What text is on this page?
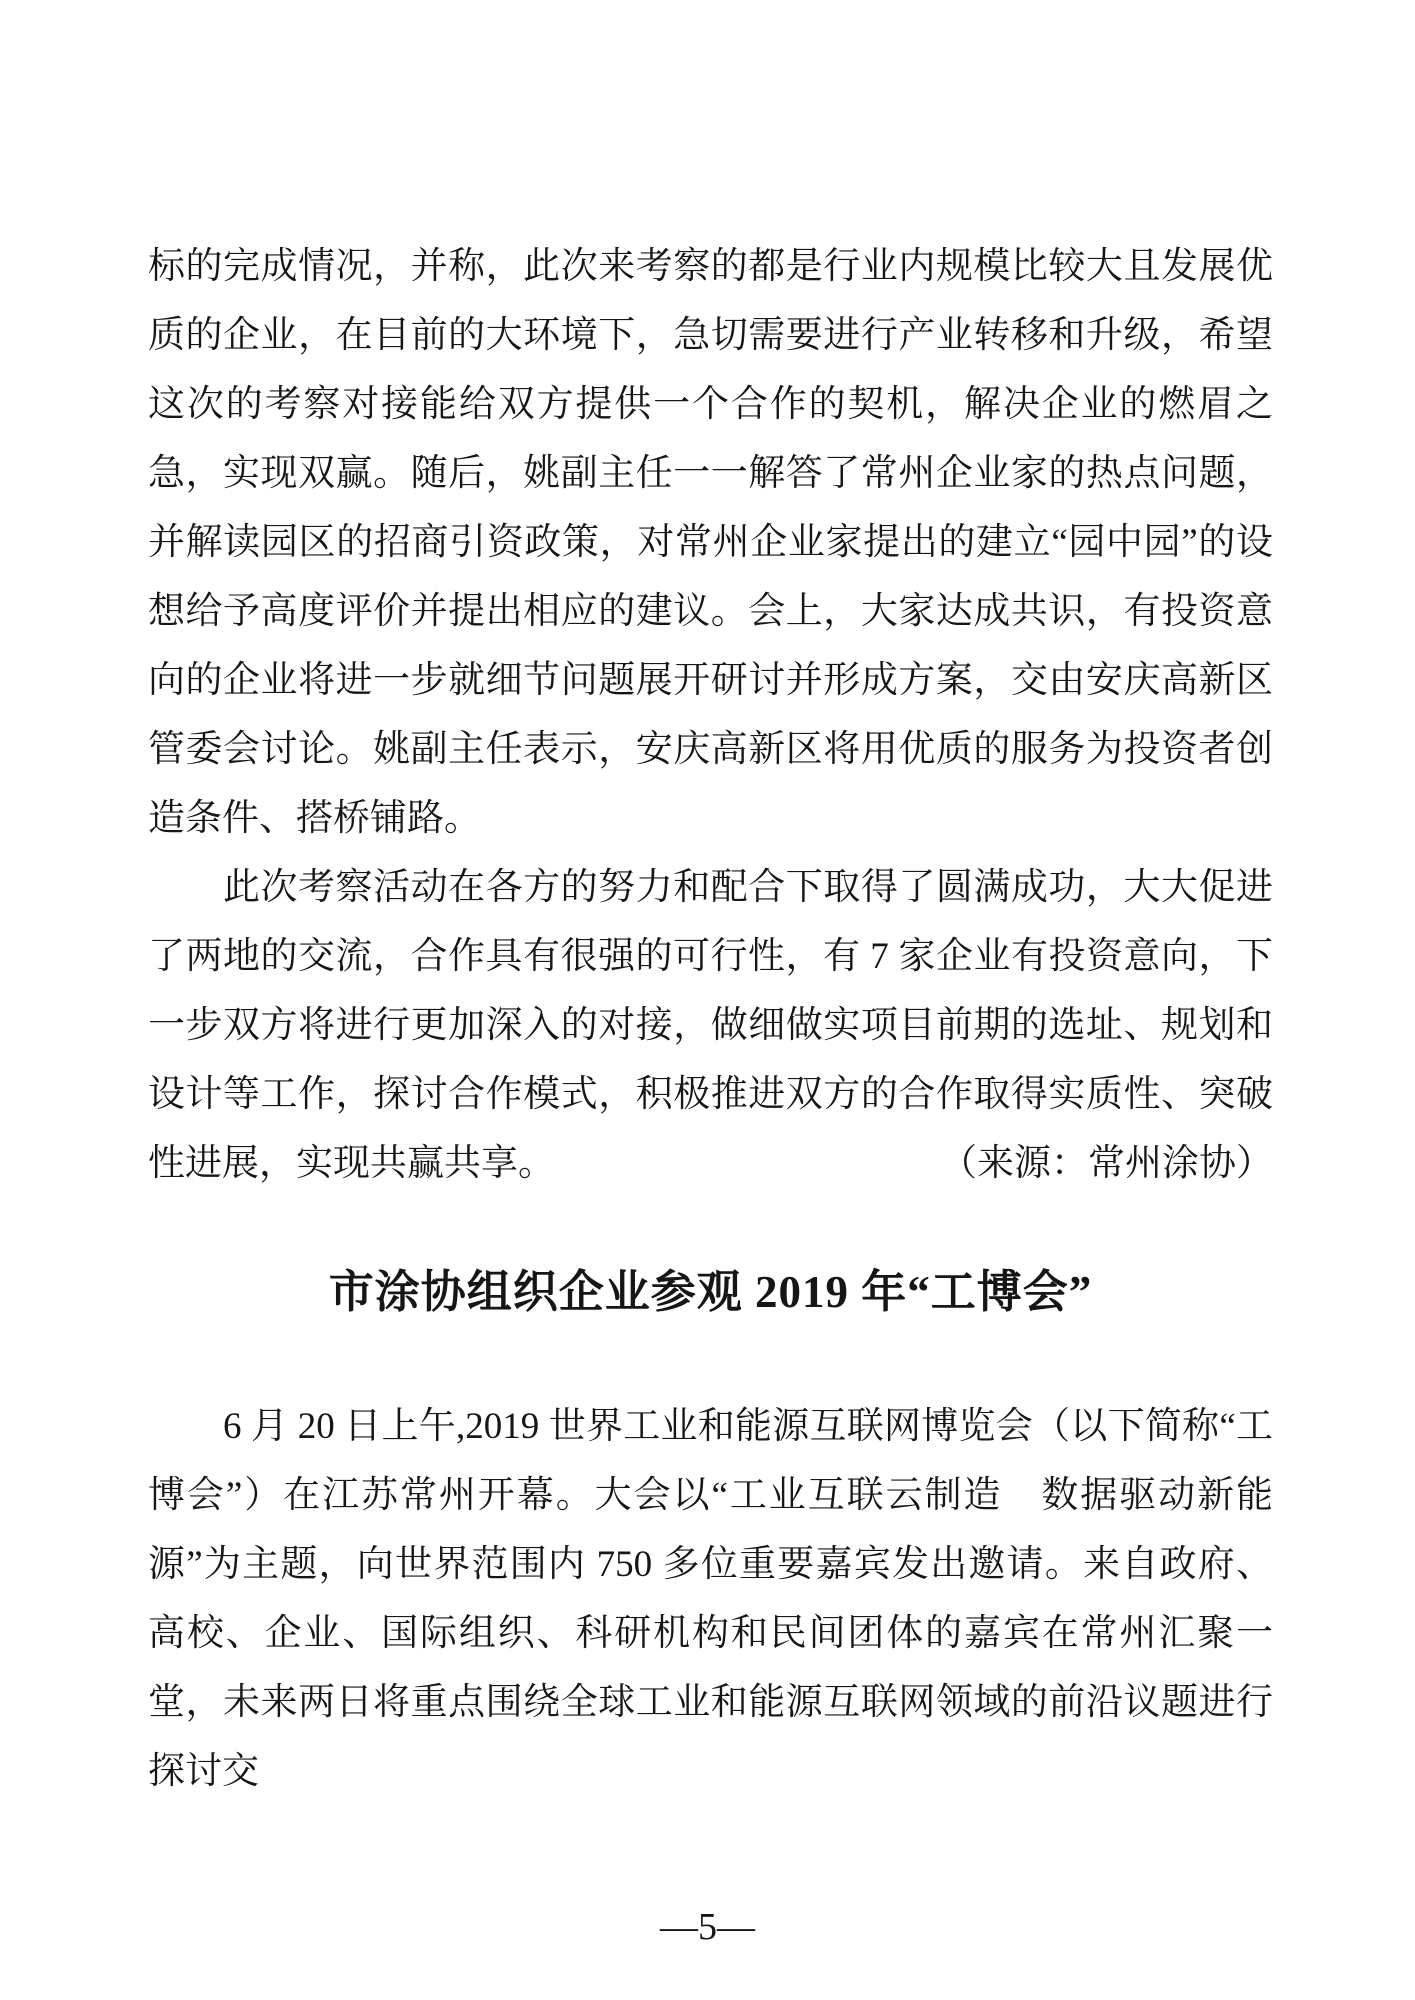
标的完成情况，并称，此次来考察的都是行业内规模比较大且发展优质的企业，在目前的大环境下，急切需要进行产业转移和升级，希望这次的考察对接能给双方提供一个合作的契机，解决企业的燃眉之急，实现双赢。随后，姚副主任一一解答了常州企业家的热点问题，并解读园区的招商引资政策，对常州企业家提出的建立“园中园”的设想给予高度评价并提出相应的建议。会上，大家达成共识，有投资意向的企业将进一步就细节问题展开研讨并形成方案，交由安庆高新区管委会讨论。姚副主任表示，安庆高新区将用优质的服务为投资者创造条件、搭桥铺路。

此次考察活动在各方的努力和配合下取得了圆满成功，大大促进了两地的交流，合作具有很强的可行性，有 7 家企业有投资意向，下一步双方将进行更加深入的对接，做细做实项目前期的选址、规划和设计等工作，探讨合作模式，积极推进双方的合作取得实质性、突破性进展，实现共赢共享。	（来源：常州涂协）

市涂协组织企业参观 2019 年“工博会”

6 月 20 日上午,2019 世界工业和能源互联网博览会（以下简称“工博会”）在江苏常州开幕。大会以“工业互联云制造　数据驱动新能源”为主题，向世界范围内 750 多位重要嘉宾发出邀请。来自政府、高校、企业、国际组织、科研机构和民间团体的嘉宾在常州汇聚一堂，未来两日将重点围绕全球工业和能源互联网领域的前沿议题进行探讨交

—5—
